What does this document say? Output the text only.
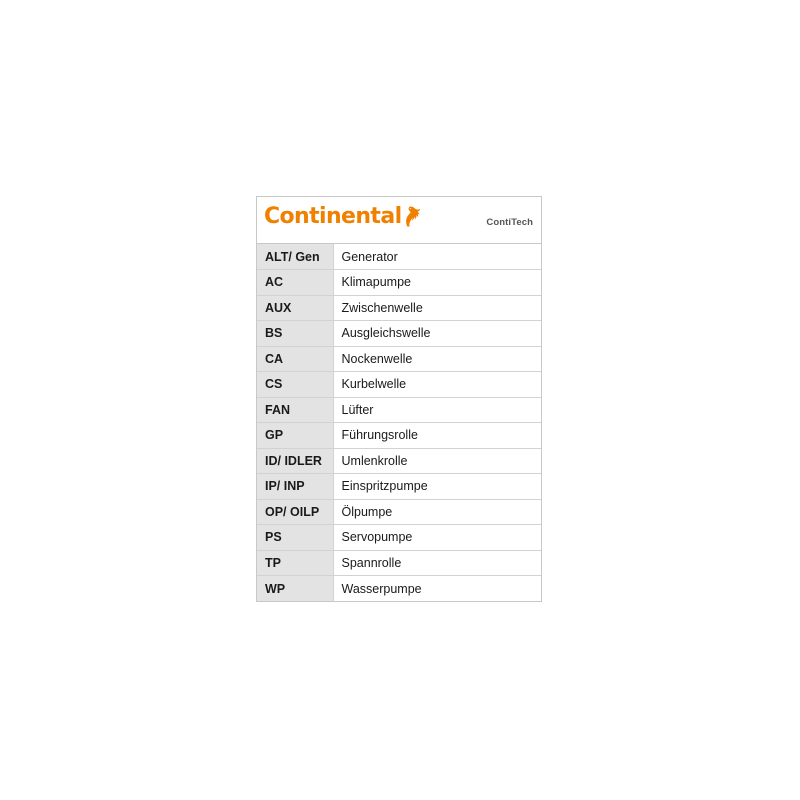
Continental	ContiTech
ALT/ Gen	Generator
AC	Klimapumpe
AUX	Zwischenwelle
BS	Ausgleichswelle
CA	Nockenwelle
CS	Kurbelwelle
FAN	Lüfter
GP	Führungsrolle
ID/ IDLER	Umlenkrolle
IP/ INP	Einspritzpumpe
OP/ OILP	Ölpumpe
PS	Servopumpe
TP	Spannrolle
WP	Wasserpumpe
